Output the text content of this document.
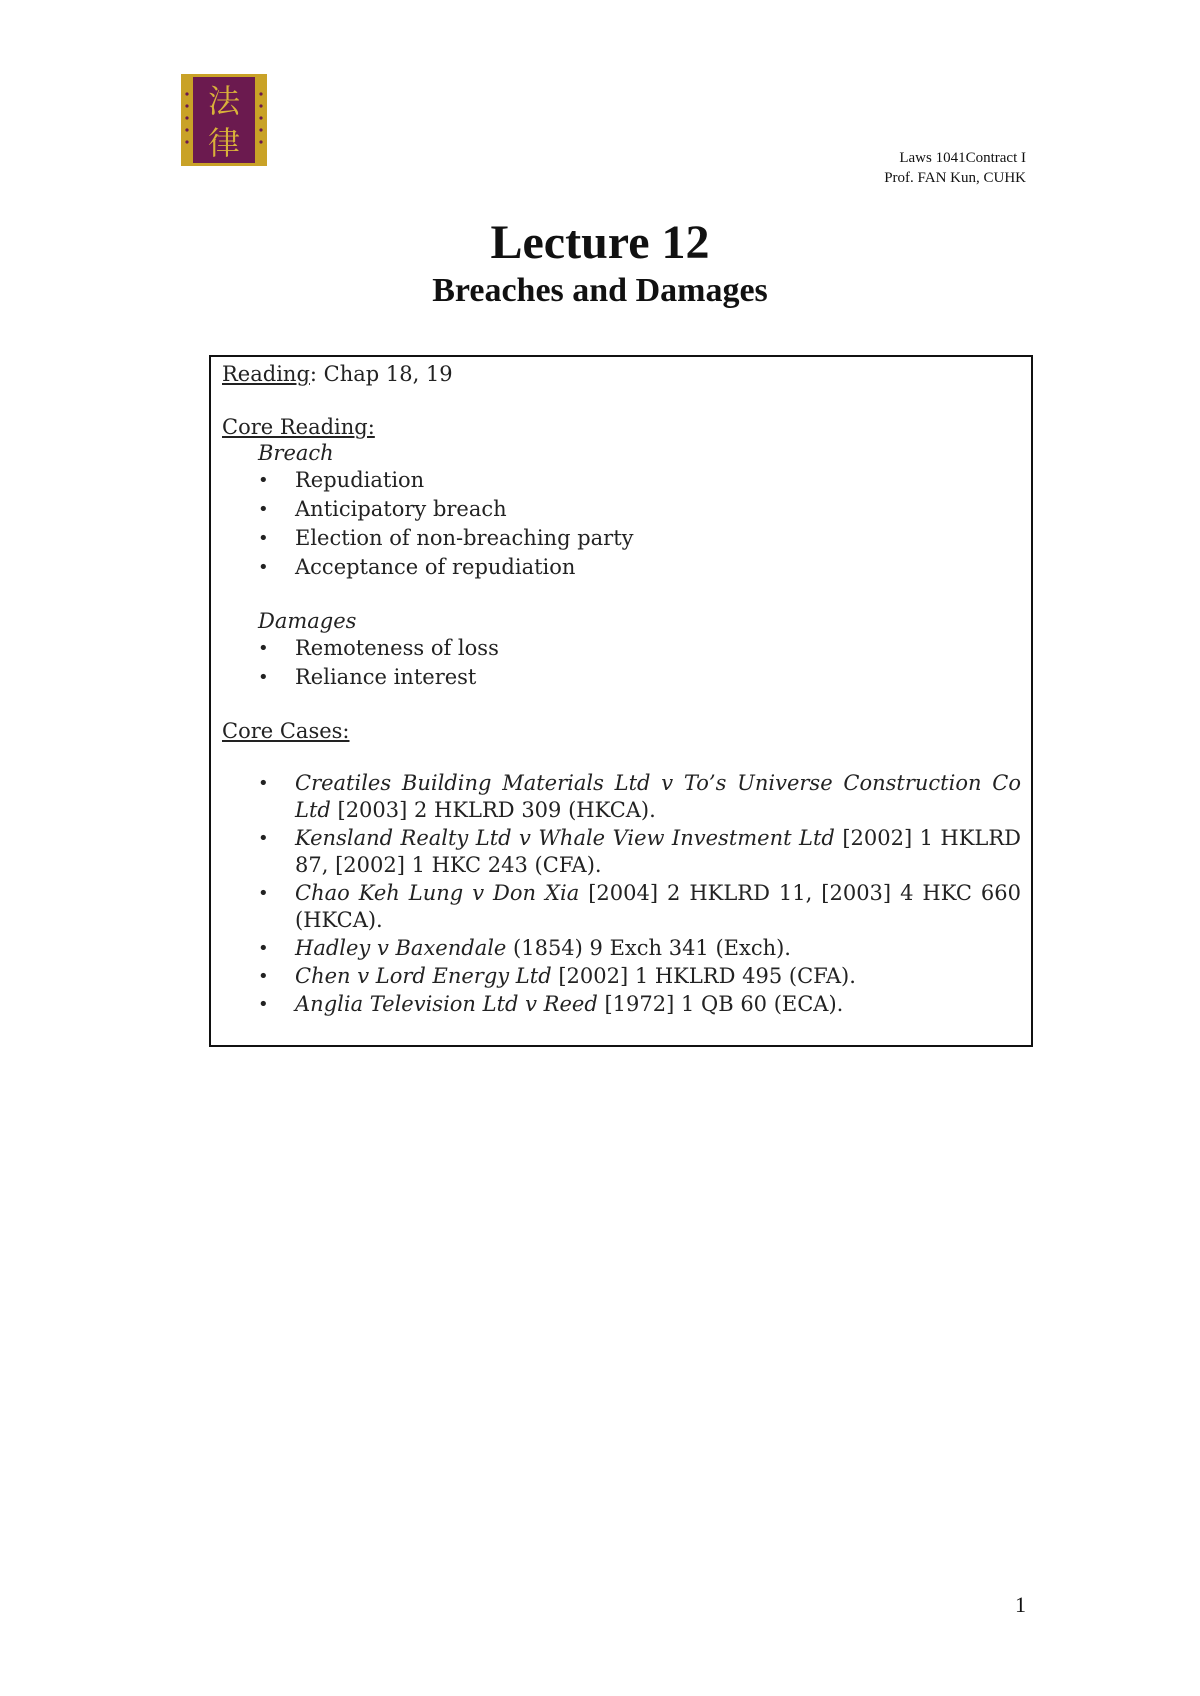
法
律	Laws 1041Contract I
Prof. FAN Kun, CUHK
Lecture 12
Breaches and Damages
Reading: Chap 18, 19
Core Reading:
Breach
• Repudiation
• Anticipatory breach
• Election of non-breaching party
• Acceptance of repudiation
Damages
• Remoteness of loss
• Reliance interest
Core Cases:
• Creatiles Building Materials Ltd v To’s Universe Construction Co Ltd [2003] 2 HKLRD 309 (HKCA).
• Kensland Realty Ltd v Whale View Investment Ltd [2002] 1 HKLRD 87, [2002] 1 HKC 243 (CFA).
• Chao Keh Lung v Don Xia [2004] 2 HKLRD 11, [2003] 4 HKC 660 (HKCA).
• Hadley v Baxendale (1854) 9 Exch 341 (Exch).
• Chen v Lord Energy Ltd [2002] 1 HKLRD 495 (CFA).
• Anglia Television Ltd v Reed [1972] 1 QB 60 (ECA).
1
